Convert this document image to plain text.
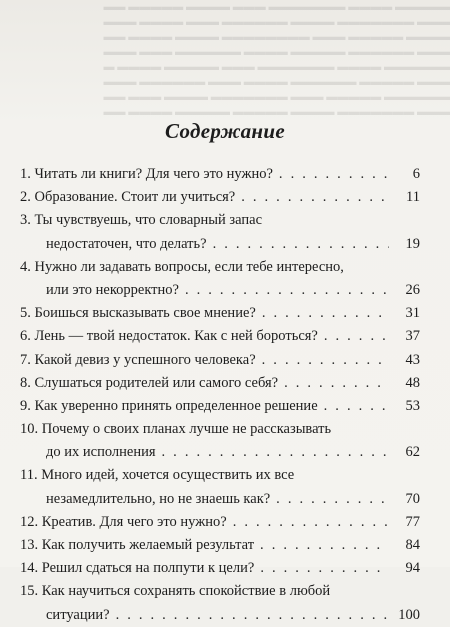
▬▬▬▬▬ ▬▬▬▬ ▬▬▬▬▬▬▬ ▬▬▬ ▬▬▬▬ ▬▬▬▬▬ ▬▬
▬▬▬ ▬▬▬▬▬▬▬ ▬▬▬▬ ▬▬▬▬▬▬ ▬▬▬ ▬▬▬▬ ▬▬▬
▬▬▬▬ ▬▬▬▬▬ ▬▬▬ ▬▬▬▬▬▬▬▬ ▬▬▬▬ ▬▬▬▬ ▬▬
▬▬▬ ▬▬▬▬▬▬ ▬▬▬▬▬ ▬▬▬▬ ▬▬▬▬▬▬ ▬▬▬ ▬▬▬
▬▬▬▬▬▬ ▬▬▬▬ ▬▬▬▬▬▬▬ ▬▬▬ ▬▬▬▬▬ ▬▬▬▬ ▬
▬▬▬ ▬▬▬▬▬ ▬▬▬▬▬▬ ▬▬▬▬ ▬▬▬ ▬▬▬▬▬▬ ▬▬▬
▬▬▬▬▬▬ ▬▬▬▬▬ ▬▬▬ ▬▬▬▬▬▬▬ ▬▬▬▬ ▬▬▬ ▬▬
▬▬▬ ▬▬▬▬▬▬▬ ▬▬▬▬ ▬▬▬▬▬ ▬▬▬▬▬ ▬▬▬▬ ▬▬
Содержание
1. Читать ли книги? Для чего это нужно? . . .	6
2. Образование. Стоит ли учиться? . . .	11
3. Ты чувствуешь, что словарный запас
недостаточен, что делать? . . .	19
4. Нужно ли задавать вопросы, если тебе интересно,
или это некорректно? . . .	26
5. Боишься высказывать свое мнение? . . .	31
6. Лень — твой недостаток. Как с ней бороться? . . .	37
7. Какой девиз у успешного человека? . . .	43
8. Слушаться родителей или самого себя? . . .	48
9. Как уверенно принять определенное решение . . .	53
10. Почему о своих планах лучше не рассказывать
до их исполнения . . .	62
11. Много идей, хочется осуществить их все
незамедлительно, но не знаешь как? . . .	70
12. Креатив. Для чего это нужно? . . .	77
13. Как получить желаемый результат . . .	84
14. Решил сдаться на полпути к цели? . . .	94
15. Как научиться сохранять спокойствие в любой
ситуации? . . .	100
